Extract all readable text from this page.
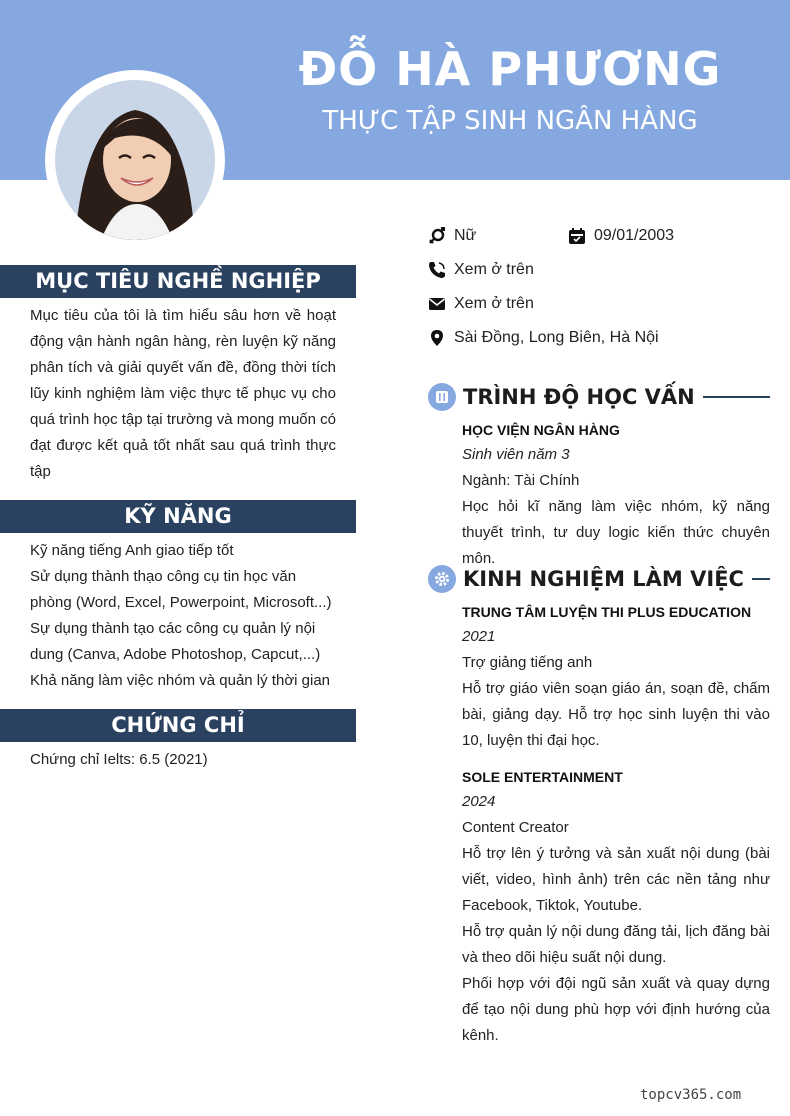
ĐỖ HÀ PHƯƠNG
THỰC TẬP SINH NGÂN HÀNG
MỤC TIÊU NGHỀ NGHIỆP
Mục tiêu của tôi là tìm hiểu sâu hơn về hoạt động vận hành ngân hàng, rèn luyện kỹ năng phân tích và giải quyết vấn đề, đồng thời tích lũy kinh nghiệm làm việc thực tế phục vụ cho quá trình học tập tại trường và mong muốn có đạt được kết quả tốt nhất sau quá trình thực tập
KỸ NĂNG

Kỹ năng tiếng Anh giao tiếp tốt

Sử dụng thành thạo công cụ tin học văn phòng (Word, Excel, Powerpoint, Microsoft...)

Sự dụng thành tạo các công cụ quản lý nội dung (Canva, Adobe Photoshop, Capcut,...)

Khả năng làm việc nhóm và quản lý thời gian

CHỨNG CHỈ

Chứng chỉ Ielts: 6.5 (2021)

Nữ	09/01/2003
Xem ở trên
Xem ở trên
Sài Đồng, Long Biên, Hà Nội
TRÌNH ĐỘ HỌC VẤN

HỌC VIỆN NGÂN HÀNG

Sinh viên năm 3

Ngành: Tài Chính

Học hỏi kĩ năng làm việc nhóm, kỹ năng thuyết trình, tư duy logic kiến thức chuyên môn.

KINH NGHIỆM LÀM VIỆC

TRUNG TÂM LUYỆN THI PLUS EDUCATION

2021

Trợ giảng tiếng anh

Hỗ trợ giáo viên soạn giáo án, soạn đề, chấm bài, giảng dạy. Hỗ trợ học sinh luyện thi vào 10, luyện thi đại học.

SOLE ENTERTAINMENT

2024

Content Creator

Hỗ trợ lên ý tưởng và sản xuất nội dung (bài viết, video, hình ảnh) trên các nền tảng như Facebook, Tiktok, Youtube.

Hỗ trợ quản lý nội dung đăng tải, lịch đăng bài và theo dõi hiệu suất nội dung.

Phối hợp với đội ngũ sản xuất và quay dựng để tạo nội dung phù hợp với định hướng của kênh.

topcv365.com
